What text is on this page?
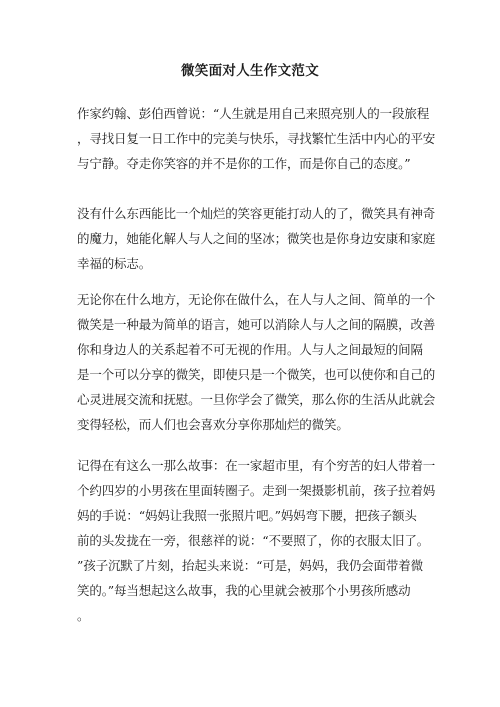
微笑面对人生作文范文
作家约翰、彭伯西曾说：“人生就是用自己来照亮别人的一段旅程
，寻找日复一日工作中的完美与快乐，寻找繁忙生活中内心的平安
与宁静。夺走你笑容的并不是你的工作，而是你自己的态度。”
没有什么东西能比一个灿烂的笑容更能打动人的了，微笑具有神奇
的魔力，她能化解人与人之间的坚冰；微笑也是你身边安康和家庭
幸福的标志。
无论你在什么地方，无论你在做什么，在人与人之间、简单的一个
微笑是一种最为简单的语言，她可以消除人与人之间的隔膜，改善
你和身边人的关系起着不可无视的作用。人与人之间最短的间隔
是一个可以分享的微笑，即使只是一个微笑，也可以使你和自己的
心灵进展交流和抚慰。一旦你学会了微笑，那么你的生活从此就会
变得轻松，而人们也会喜欢分享你那灿烂的微笑。
记得在有这么一那么故事：在一家超市里，有个穷苦的妇人带着一
个约四岁的小男孩在里面转圈子。走到一架摄影机前，孩子拉着妈
妈的手说：“妈妈让我照一张照片吧。”妈妈弯下腰，把孩子额头
前的头发拢在一旁，很慈祥的说：“不要照了，你的衣服太旧了。
”孩子沉默了片刻，抬起头来说：“可是，妈妈，我仍会面带着微
笑的。”每当想起这么故事，我的心里就会被那个小男孩所感动
。
